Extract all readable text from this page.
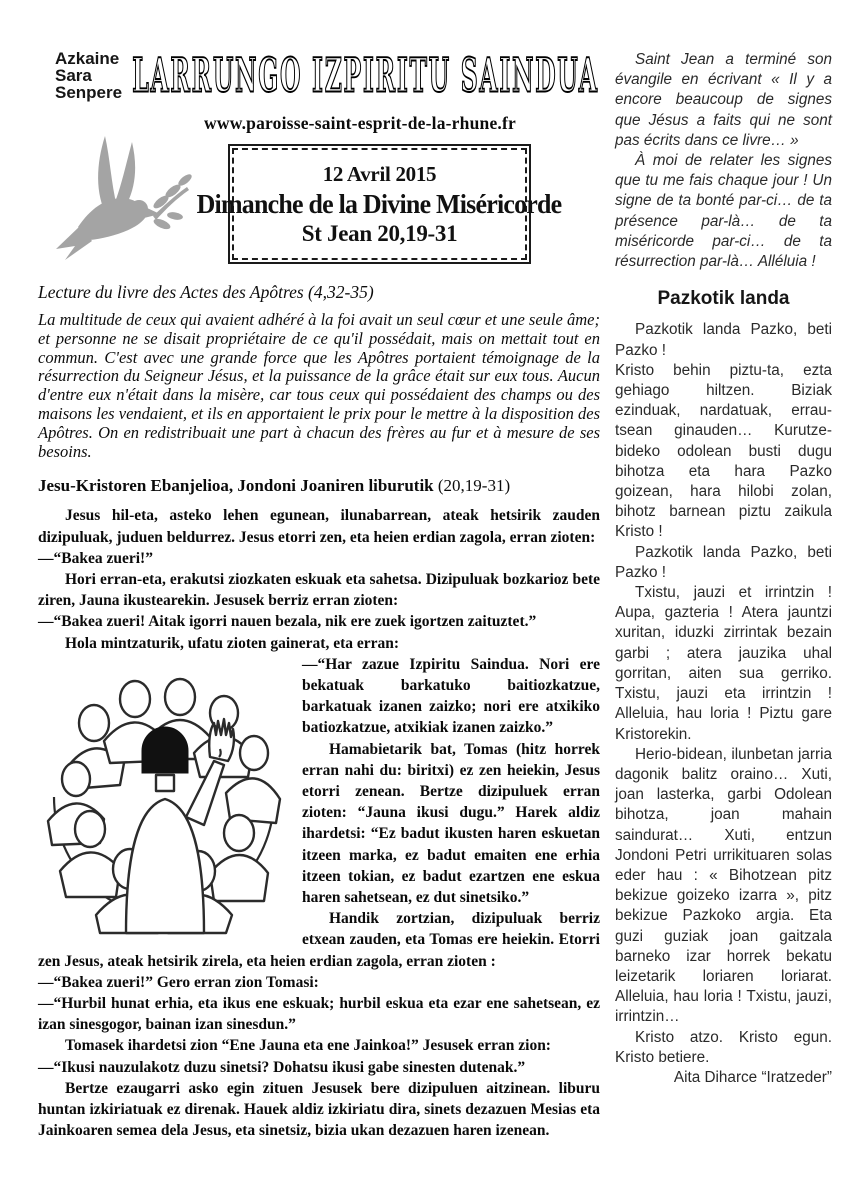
Azkaine
Sara
Senpere LARRUNGO IZPIRITU SAINDUA
www.paroisse-saint-esprit-de-la-rhune.fr
12 Avril 2015
Dimanche de la Divine Miséricorde
St Jean 20,19-31
Lecture du livre des Actes des Apôtres (4,32-35)
La multitude de ceux qui avaient adhéré à la foi avait un seul cœur et une seule âme; et personne ne se disait propriétaire de ce qu'il possédait, mais on mettait tout en commun. C'est avec une grande force que les Apôtres portaient témoignage de la résurrection du Seigneur Jésus, et la puissance de la grâce était sur eux tous. Aucun d'entre eux n'était dans la misère, car tous ceux qui possédaient des champs ou des maisons les vendaient, et ils en apportaient le prix pour le mettre à la disposition des Apôtres. On en redistribuait une part à chacun des frères au fur et à mesure de ses besoins.
Jesu-Kristoren Ebanjelioa, Jondoni Joaniren liburutik (20,19-31)

Jesus hil-eta, asteko lehen egunean, ilunabarrean, ateak hetsirik zauden dizipuluak, juduen beldurrez. Jesus etorri zen, eta heien erdian zagola, erran zioten:

—“Bakea zueri!”

Hori erran-eta, erakutsi ziozkaten eskuak eta sahetsa. Dizipuluak bozkarioz bete ziren, Jauna ikustearekin. Jesusek berriz erran zioten:

—“Bakea zueri! Aitak igorri nauen bezala, nik ere zuek igortzen zaituztet.”

Hola mintzaturik, ufatu zioten gainerat, eta erran:

—“Har zazue Izpiritu Saindua. Nori ere bekatuak barkatuko baitiozkatzue, barkatuak izanen zaizko; nori ere atxikiko batiozkatzue, atxikiak izanen zaizko.”

Hamabietarik bat, Tomas (hitz horrek erran nahi du: biritxi) ez zen heiekin, Jesus etorri zenean. Bertze dizipuluek erran zioten: “Jauna ikusi dugu.” Harek aldiz ihardetsi: “Ez badut ikusten haren eskuetan itzeen marka, ez badut emaiten ene erhia itzeen tokian, ez badut ezartzen ene eskua haren sahetsean, ez dut sinetsiko.”

Handik zortzian, dizipuluak berriz etxean zauden, eta Tomas ere heiekin. Etorri zen Jesus, ateak hetsirik zirela, eta heien erdian zagola, erran zioten :

—“Bakea zueri!” Gero erran zion Tomasi:

—“Hurbil hunat erhia, eta ikus ene eskuak; hurbil eskua eta ezar ene sahetsean, ez izan sinesgogor, bainan izan sinesdun.”

Tomasek ihardetsi zion “Ene Jauna eta ene Jainkoa!” Jesusek erran zion:

—“Ikusi nauzulakotz duzu sinetsi? Dohatsu ikusi gabe sinesten dutenak.”

Bertze ezaugarri asko egin zituen Jesusek bere dizipuluen aitzinean. liburu huntan izkiriatuak ez direnak. Hauek aldiz izkiriatu dira, sinets dezazuen Mesias eta Jainkoaren semea dela Jesus, eta sinetsiz, bizia ukan dezazuen haren izenean.

Saint Jean a terminé son évangile en écrivant « Il y a encore beaucoup de signes que Jésus a faits qui ne sont pas écrits dans ce livre… »

À moi de relater les signes que tu me fais chaque jour ! Un signe de ta bonté par-ci… de ta présence par-là… de ta miséricorde par-ci… de ta résurrection par-là… Alléluia !

Pazkotik landa

Pazkotik landa Pazko, beti Pazko !

Kristo behin piztu-ta, ezta gehiago hiltzen. Biziak ezinduak, nardatuak, errau-tsean ginauden… Kurutze-bideko odolean busti dugu bihotza eta hara Pazko goizean, hara hilobi zolan, bihotz barnean piztu zaikula Kristo !

Pazkotik landa Pazko, beti Pazko !

Txistu, jauzi et irrintzin ! Aupa, gazteria ! Atera jauntzi xuritan, iduzki zirrintak bezain garbi ; atera jauzika uhal gorritan, aiten sua gerriko. Txistu, jauzi eta irrintzin ! Alleluia, hau loria ! Piztu gare Kristorekin.

Herio-bidean, ilunbetan jarria dagonik balitz oraino… Xuti, joan lasterka, garbi Odolean bihotza, joan mahain saindurat… Xuti, entzun Jondoni Petri urrikituaren solas eder hau : « Bihotzean pitz bekizue goizeko izarra », pitz bekizue Pazkoko argia. Eta guzi guziak joan gaitzala barneko izar horrek bekatu leizetarik loriaren loriarat. Alleluia, hau loria ! Txistu, jauzi, irrintzin…

Kristo atzo. Kristo egun. Kristo betiere.

Aita Diharce “Iratzeder”
